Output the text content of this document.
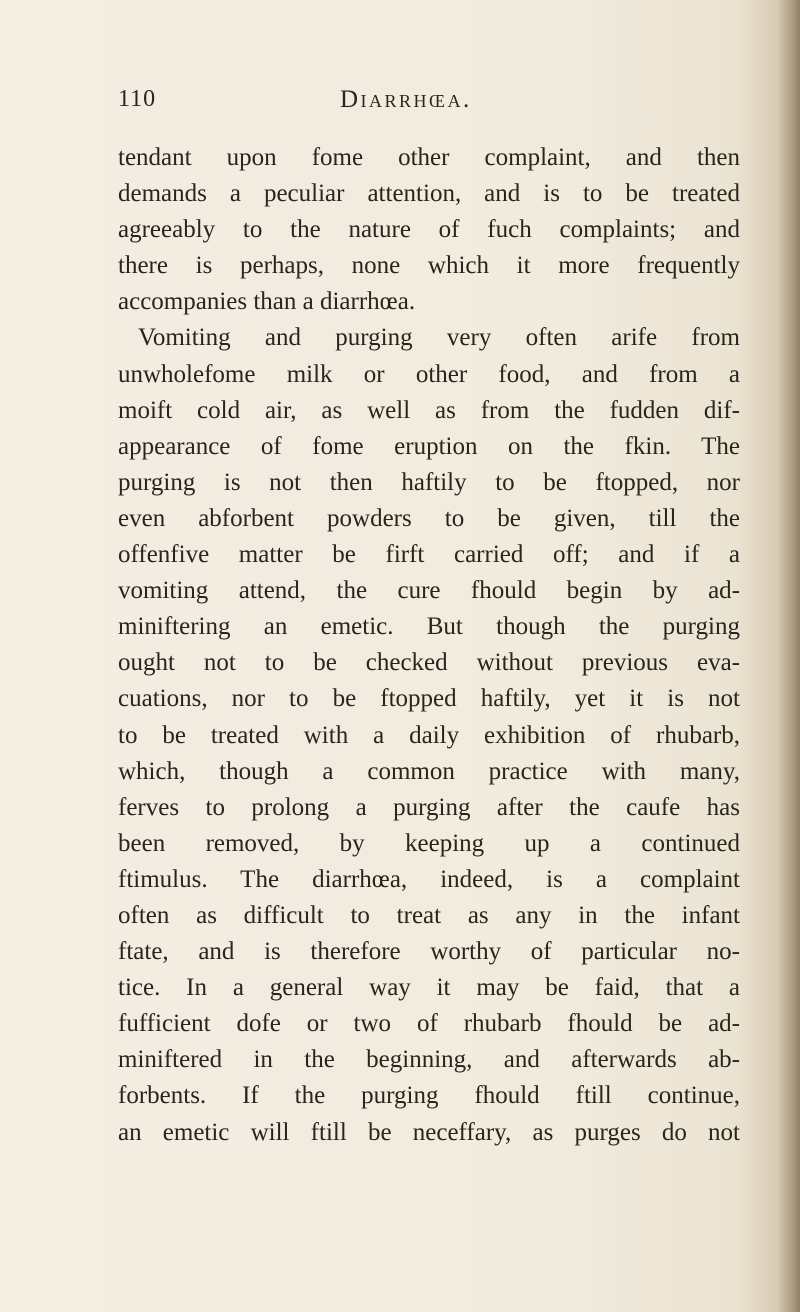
110	Diarrhœa.
tendant upon fome other complaint, and then
demands a peculiar attention, and is to be treated
agreeably to the nature of fuch complaints; and
there is perhaps, none which it more frequently
accompanies than a diarrhœa.
Vomiting and purging very often arife from
unwholefome milk or other food, and from a
moift cold air, as well as from the fudden dif-
appearance of fome eruption on the fkin. The
purging is not then haftily to be ftopped, nor
even abforbent powders to be given, till the
offenfive matter be firft carried off; and if a
vomiting attend, the cure fhould begin by ad-
miniftering an emetic. But though the purging
ought not to be checked without previous eva-
cuations, nor to be ftopped haftily, yet it is not
to be treated with a daily exhibition of rhubarb,
which, though a common practice with many,
ferves to prolong a purging after the caufe has
been removed, by keeping up a continued
ftimulus. The diarrhœa, indeed, is a complaint
often as difficult to treat as any in the infant
ftate, and is therefore worthy of particular no-
tice. In a general way it may be faid, that a
fufficient dofe or two of rhubarb fhould be ad-
miniftered in the beginning, and afterwards ab-
forbents. If the purging fhould ftill continue,
an emetic will ftill be neceffary, as purges do not
